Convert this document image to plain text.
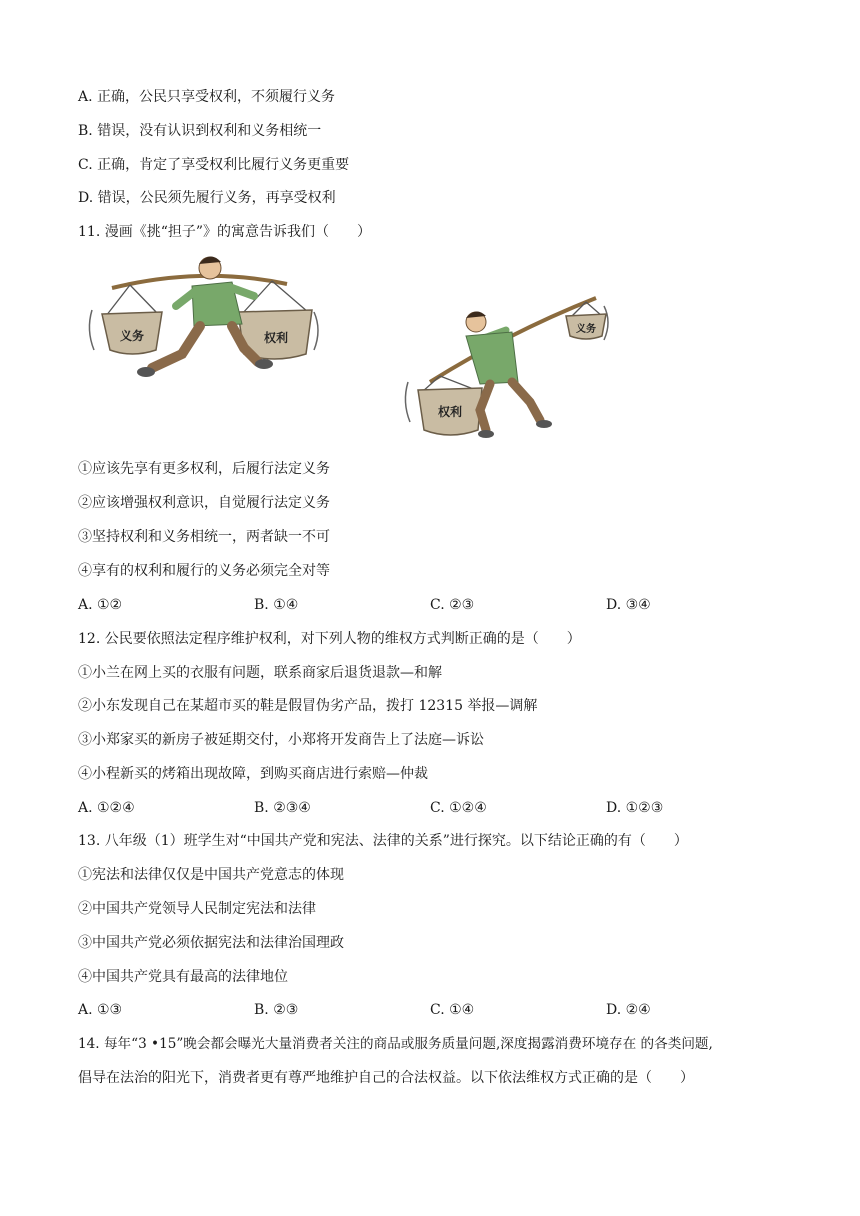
A. 正确，公民只享受权利，不须履行义务
B. 错误，没有认识到权利和义务相统一
C. 正确，肯定了享受权利比履行义务更重要
D. 错误，公民须先履行义务，再享受权利
11. 漫画《挑“担子”》的寓意告诉我们（　　）
义务	权利
权利
义务
①应该先享有更多权利，后履行法定义务
②应该增强权利意识，自觉履行法定义务
③坚持权利和义务相统一，两者缺一不可
④享有的权利和履行的义务必须完全对等
A. ①②	B. ①④	C. ②③	D. ③④
12. 公民要依照法定程序维护权利，对下列人物的维权方式判断正确的是（　　）
①小兰在网上买的衣服有问题，联系商家后退货退款—和解
②小东发现自己在某超市买的鞋是假冒伪劣产品，拨打 12315 举报—调解
③小郑家买的新房子被延期交付，小郑将开发商告上了法庭—诉讼
④小程新买的烤箱出现故障，到购买商店进行索赔—仲裁
A. ①②④	B. ②③④	C. ①②④	D. ①②③
13. 八年级（1）班学生对“中国共产党和宪法、法律的关系”进行探究。以下结论正确的有（　　）
①宪法和法律仅仅是中国共产党意志的体现
②中国共产党领导人民制定宪法和法律
③中国共产党必须依据宪法和法律治国理政
④中国共产党具有最高的法律地位
A. ①③	B. ②③	C. ①④	D. ②④
14. 每年“3 •15”晚会都会曝光大量消费者关注的商品或服务质量问题,深度揭露消费环境存在 的各类问题,
倡导在法治的阳光下，消费者更有尊严地维护自己的合法权益。以下依法维权方式正确的是（　　）
